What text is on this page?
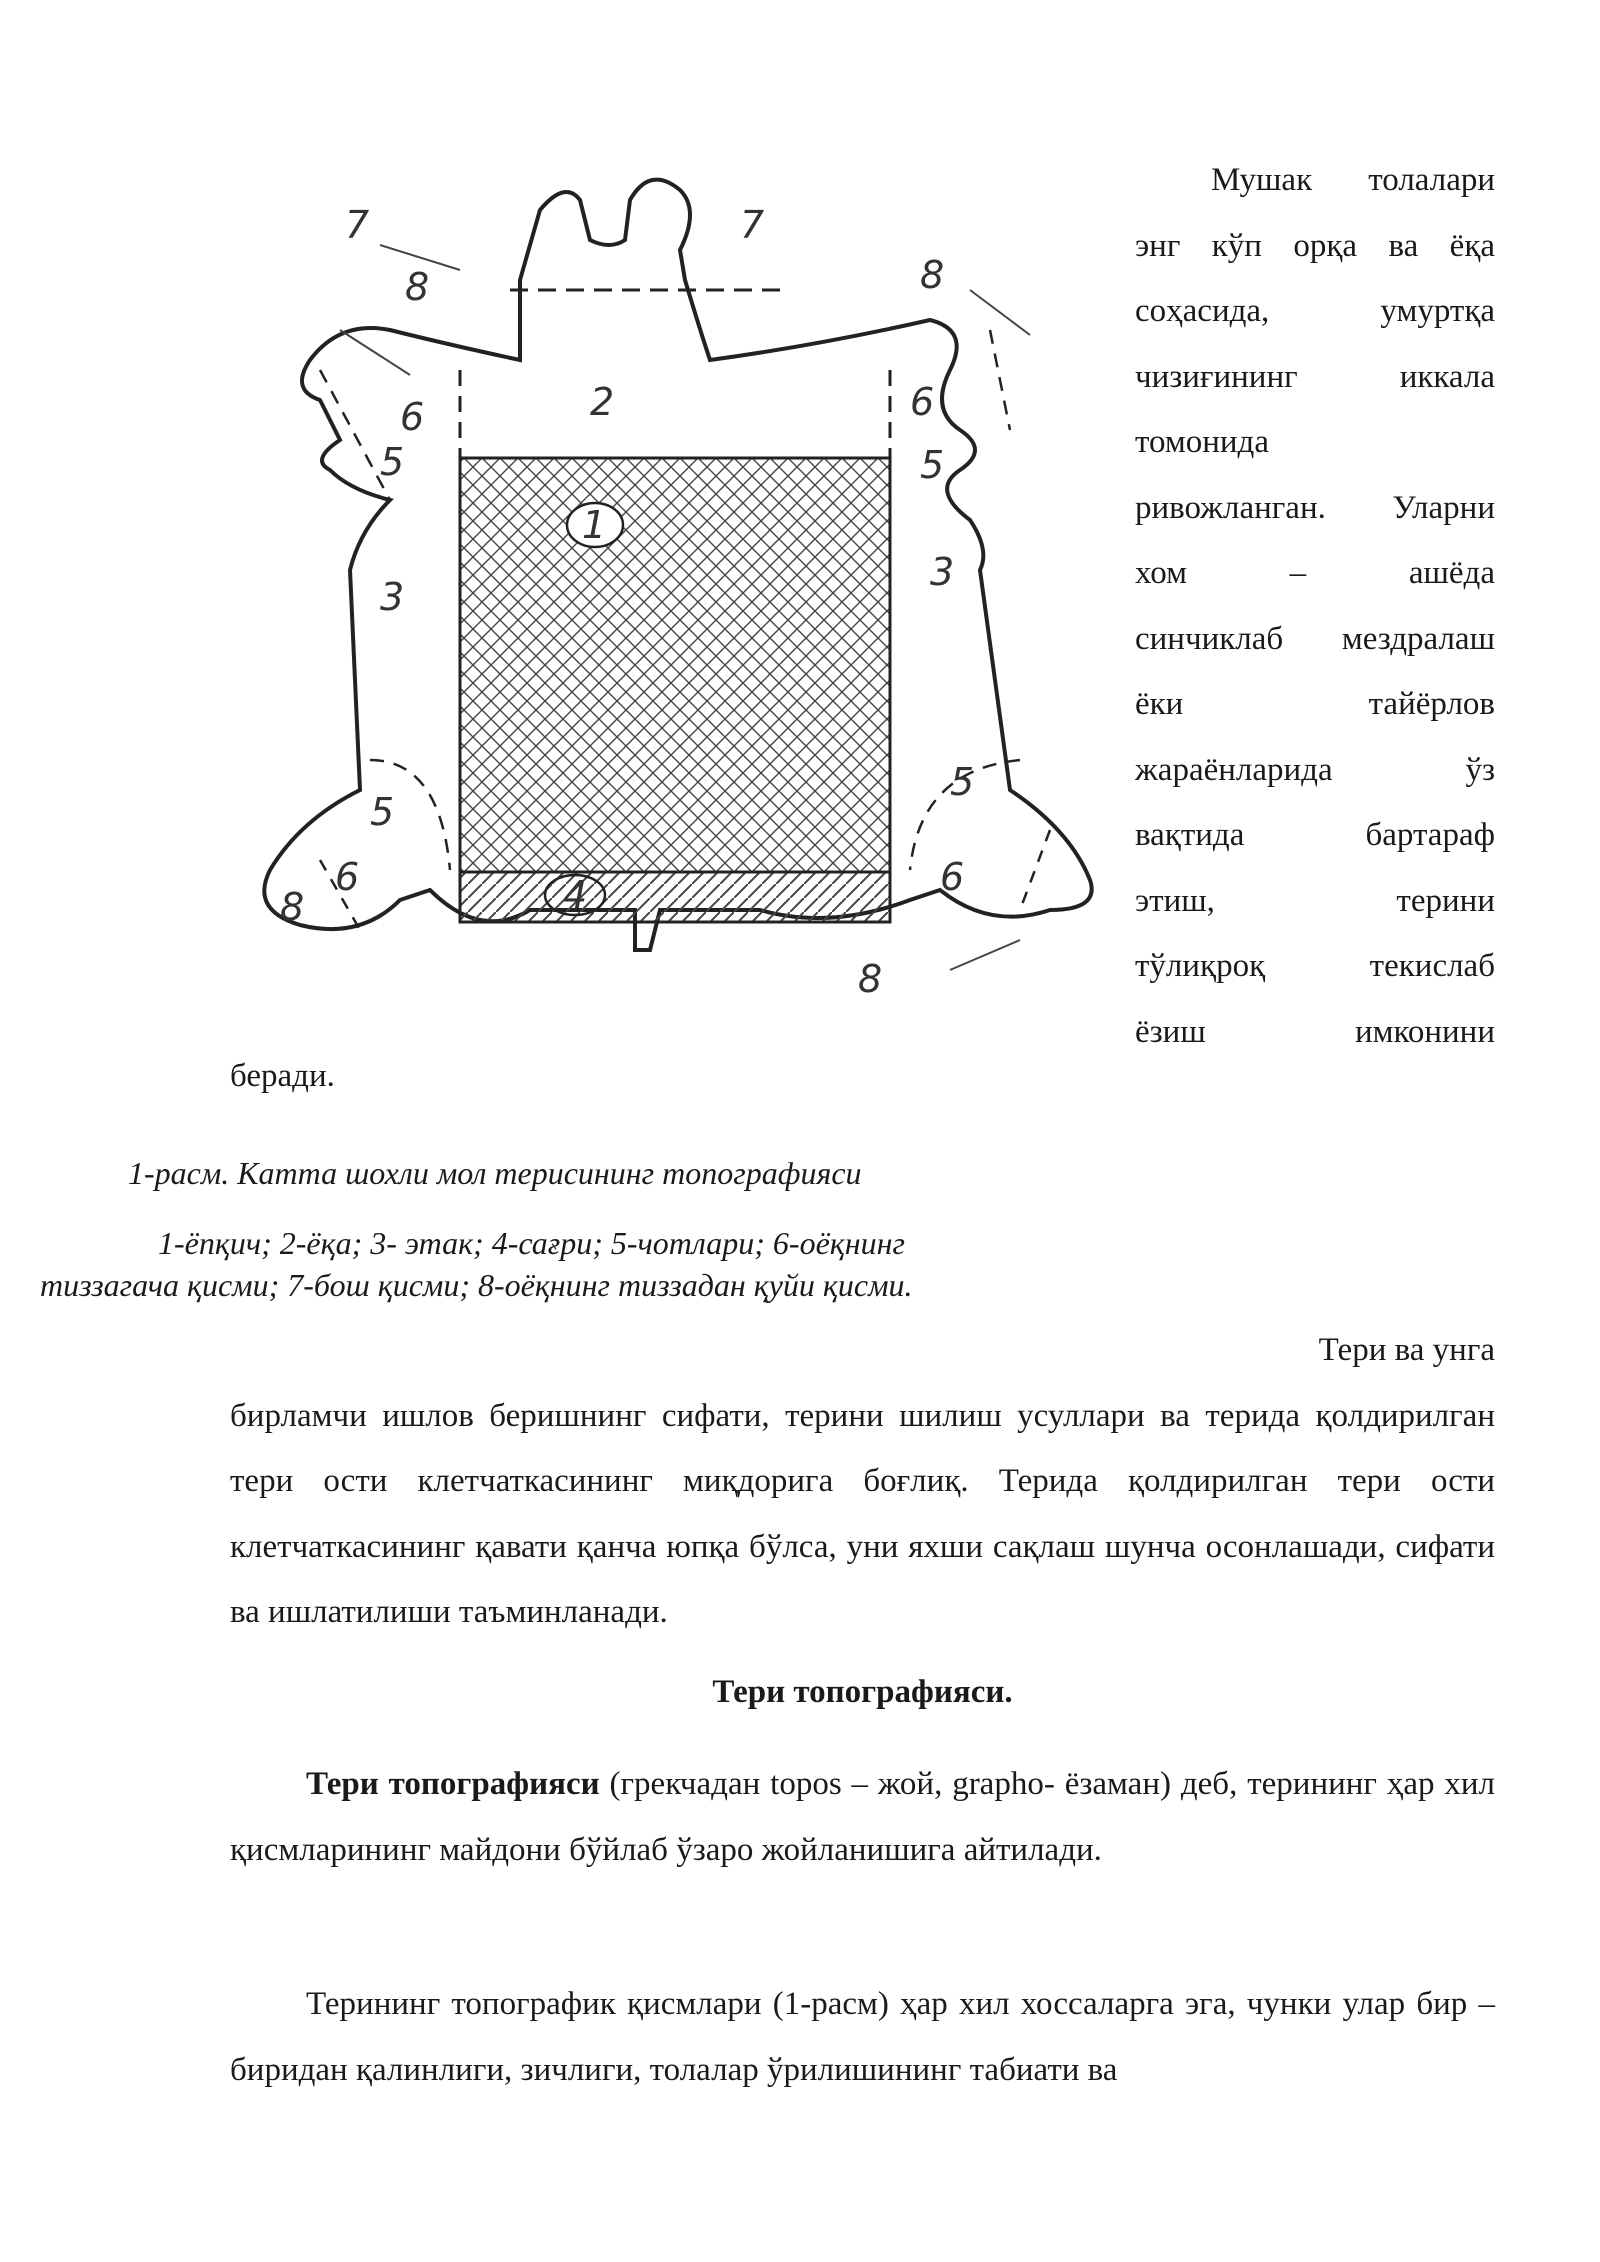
1
2
3
3
4
5	5
5
5
6	6
6	6
7	7
8	8
8
8

Мушак толалари

энг кўп орқа ва ёқа

соҳасида, умуртқа

чизиғининг иккала

томонида

ривожланган. Уларни

хом – ашёда

синчиклаб мездралаш

ёки тайёрлов

жараёнларида ўз

вақтида бартараф

этиш, терини

тўлиқроқ текислаб

ёзиш имконини

беради.
1-расм. Катта шохли мол терисининг топографияси
1-ёпқич; 2-ёқа; 3- этак; 4-сағри; 5-чотлари; 6-оёқнинг
тиззагача қисми; 7-бош қисми; 8-оёқнинг тиззадан қуйи қисми.
Тери ва унга
бирламчи ишлов беришнинг сифати, терини шилиш усуллари ва терида қолдирилган тери ости клетчаткасининг миқдорига боғлиқ. Терида қолдирилган тери ости клетчаткасининг қавати қанча юпқа бўлса, уни яхши сақлаш шунча осонлашади, сифати ва ишлатилиши таъминланади.
Тери топографияси.

Тери топографияси (грекчадан topos – жой, grapho- ёзаман) деб, терининг ҳар хил қисмларининг майдони бўйлаб ўзаро жойланишига айтилади.

Терининг топографик қисмлари (1-расм) ҳар хил хоссаларга эга, чунки улар бир – биридан қалинлиги, зичлиги, толалар ўрилишининг табиати ва
